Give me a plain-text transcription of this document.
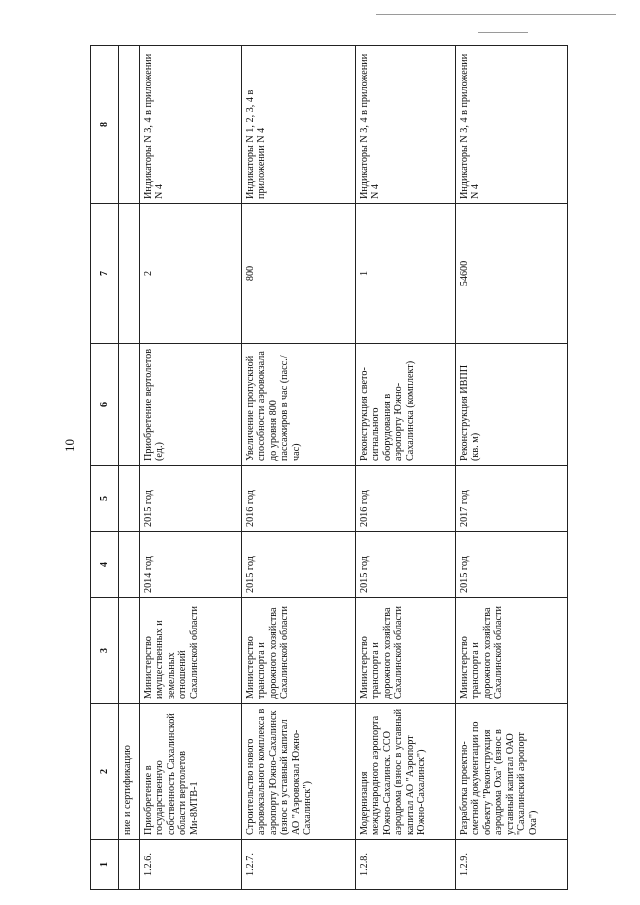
10
1	2	3	4	5	6	7	8
	ние и сертификацию						
1.2.6.	Приобретение в государственную собственность Сахалинской области вертолетов Ми-8МТВ-1	Министерство имущественных и земельных отношений Сахалинской области	2014 год	2015 год	Приобретение вертолетов (ед.)	2	Индикаторы N 3, 4 в приложении N 4
1.2.7.	Строительство нового аэровокзального комплекса в аэропорту Южно-Сахалинск (взнос в уставный капитал АО "Аэровокзал Южно-Сахалинск")	Министерство транспорта и дорожного хозяйства Сахалинской области	2015 год	2016 год	Увеличение пропускной способности аэровокзала до уровня 800 пассажиров в час (пасс./час)	800	Индикаторы N 1, 2, 3, 4 в приложении N 4
1.2.8.	Модернизация международного аэропорта Южно-Сахалинск. ССО аэродрома (взнос в уставный капитал АО "Аэропорт Южно-Сахалинск")	Министерство транспорта и дорожного хозяйства Сахалинской области	2015 год	2016 год	Реконструкция свето-сигнального оборудования в аэропорту Южно-Сахалинска (комплект)	1	Индикаторы N 3, 4 в приложении N 4
1.2.9.	Разработка проектно-сметной документации по объекту "Реконструкция аэродрома Оха" (взнос в уставный капитал ОАО "Сахалинский аэропорт Оха")	Министерство транспорта и дорожного хозяйства Сахалинской области	2015 год	2017 год	Реконструкция ИВПП (кв. м)	54600	Индикаторы N 3, 4 в приложении N 4
